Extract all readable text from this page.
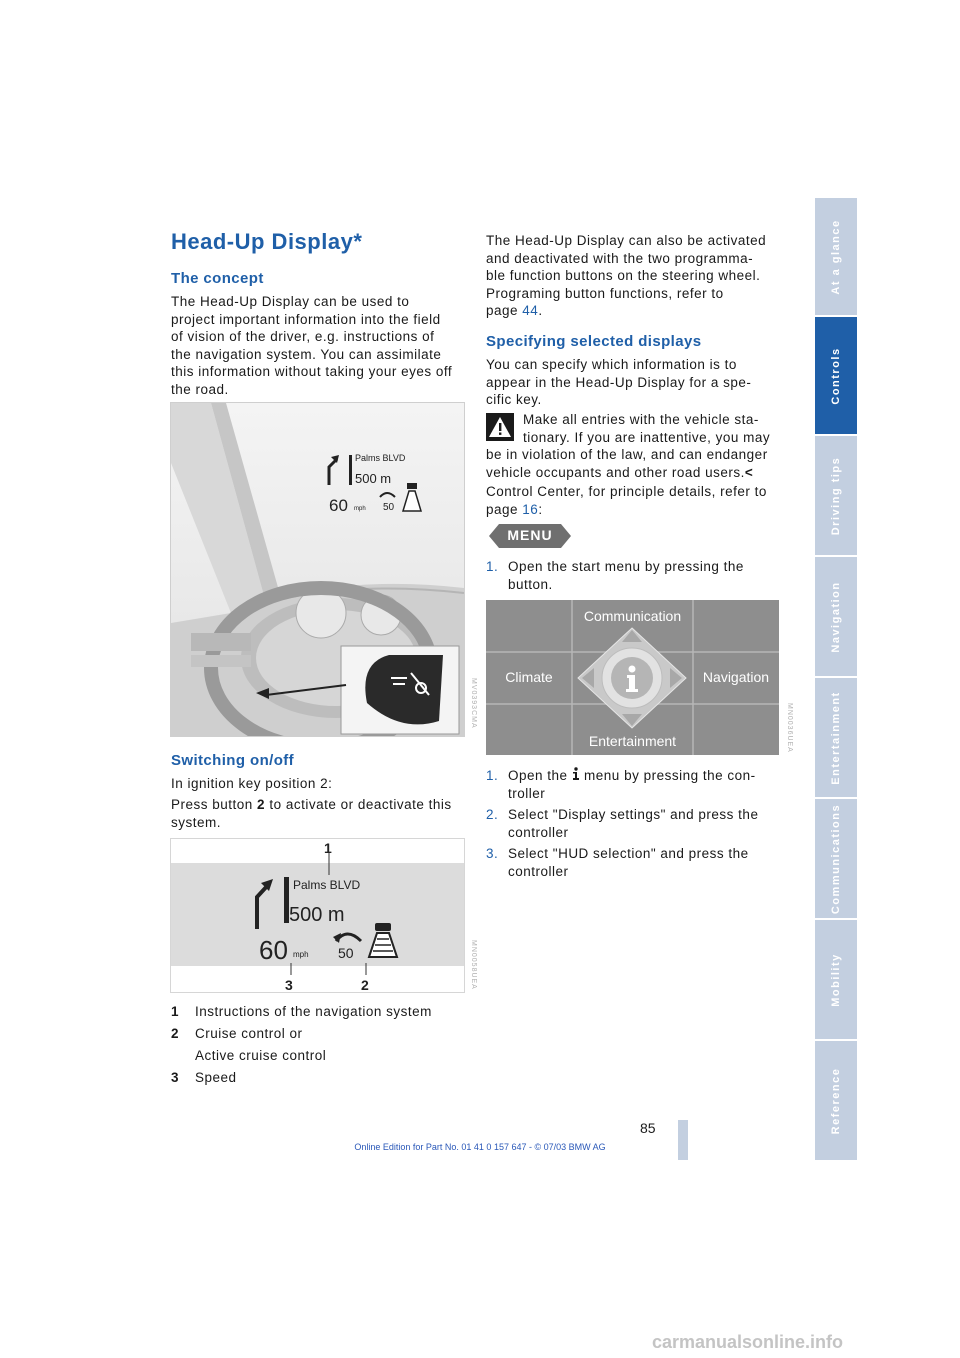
Head-Up Display*
The concept
The Head-Up Display can be used to
project important information into the field
of vision of the driver, e.g. instructions of
the navigation system. You can assimilate
this information without taking your eyes off
the road.
Palms BLVD
500 m
60 mph 50
MV0393CMA
Switching on/off
In ignition key position 2:
Press button 2 to activate or deactivate this
system.
1
Palms BLVD
500 m
60 mph 50
3	2	MN0058UEA
1 Instructions of the navigation system
2 Cruise control or
Active cruise control
3 Speed
The Head-Up Display can also be activated
and deactivated with the two programma-
ble function buttons on the steering wheel.
Programing button functions, refer to
page 44.
Specifying selected displays
You can specify which information is to
appear in the Head-Up Display for a spe-
cific key.
Make all entries with the vehicle sta-
tionary. If you are inattentive, you may
be in violation of the law, and can endanger
vehicle occupants and other road users.<
Control Center, for principle details, refer to
page 16:
MENU
1. Open the start menu by pressing the
button.
Communication
Climate	Navigation
Entertainment	MN0036UEA
1. Open the  menu by pressing the con-
troller
2. Select "Display settings" and press the
controller
3. Select "HUD selection" and press the
controller
At a glance
Controls
Driving tips
Navigation
Entertainment
Communications
Mobility
Reference
85
Online Edition for Part No. 01 41 0 157 647 - © 07/03 BMW AG
carmanualsonline.info
